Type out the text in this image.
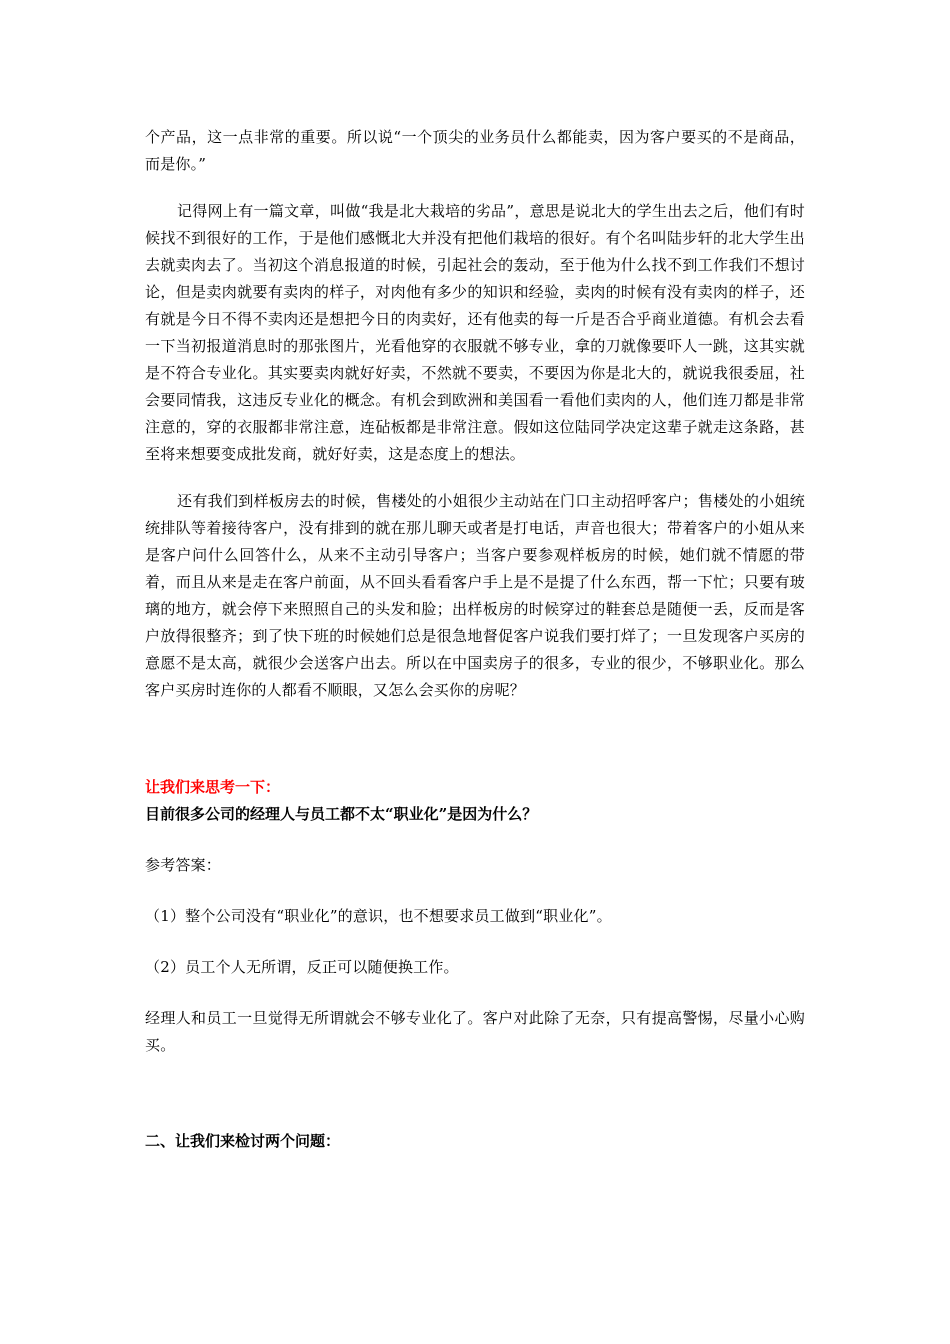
个产品，这一点非常的重要。所以说“一个顶尖的业务员什么都能卖，因为客户要买的不是商品，而是你。”

记得网上有一篇文章，叫做“我是北大栽培的劣品”，意思是说北大的学生出去之后，他们有时候找不到很好的工作，于是他们感慨北大并没有把他们栽培的很好。有个名叫陆步轩的北大学生出去就卖肉去了。当初这个消息报道的时候，引起社会的轰动，至于他为什么找不到工作我们不想讨论，但是卖肉就要有卖肉的样子，对肉他有多少的知识和经验，卖肉的时候有没有卖肉的样子，还有就是今日不得不卖肉还是想把今日的肉卖好，还有他卖的每一斤是否合乎商业道德。有机会去看一下当初报道消息时的那张图片，光看他穿的衣服就不够专业，拿的刀就像要吓人一跳，这其实就是不符合专业化。其实要卖肉就好好卖，不然就不要卖，不要因为你是北大的，就说我很委屈，社会要同情我，这违反专业化的概念。有机会到欧洲和美国看一看他们卖肉的人，他们连刀都是非常注意的，穿的衣服都非常注意，连砧板都是非常注意。假如这位陆同学决定这辈子就走这条路，甚至将来想要变成批发商，就好好卖，这是态度上的想法。

还有我们到样板房去的时候，售楼处的小姐很少主动站在门口主动招呼客户；售楼处的小姐统统排队等着接待客户，没有排到的就在那儿聊天或者是打电话，声音也很大；带着客户的小姐从来是客户问什么回答什么，从来不主动引导客户；当客户要参观样板房的时候，她们就不情愿的带着，而且从来是走在客户前面，从不回头看看客户手上是不是提了什么东西，帮一下忙；只要有玻璃的地方，就会停下来照照自己的头发和脸；出样板房的时候穿过的鞋套总是随便一丢，反而是客户放得很整齐；到了快下班的时候她们总是很急地督促客户说我们要打烊了；一旦发现客户买房的意愿不是太高，就很少会送客户出去。所以在中国卖房子的很多，专业的很少，不够职业化。那么客户买房时连你的人都看不顺眼，又怎么会买你的房呢？

让我们来思考一下：

目前很多公司的经理人与员工都不太“职业化”是因为什么？

参考答案：

（1）整个公司没有“职业化”的意识，也不想要求员工做到“职业化”。

（2）员工个人无所谓，反正可以随便换工作。

经理人和员工一旦觉得无所谓就会不够专业化了。客户对此除了无奈，只有提高警惕，尽量小心购买。

二、让我们来检讨两个问题：
